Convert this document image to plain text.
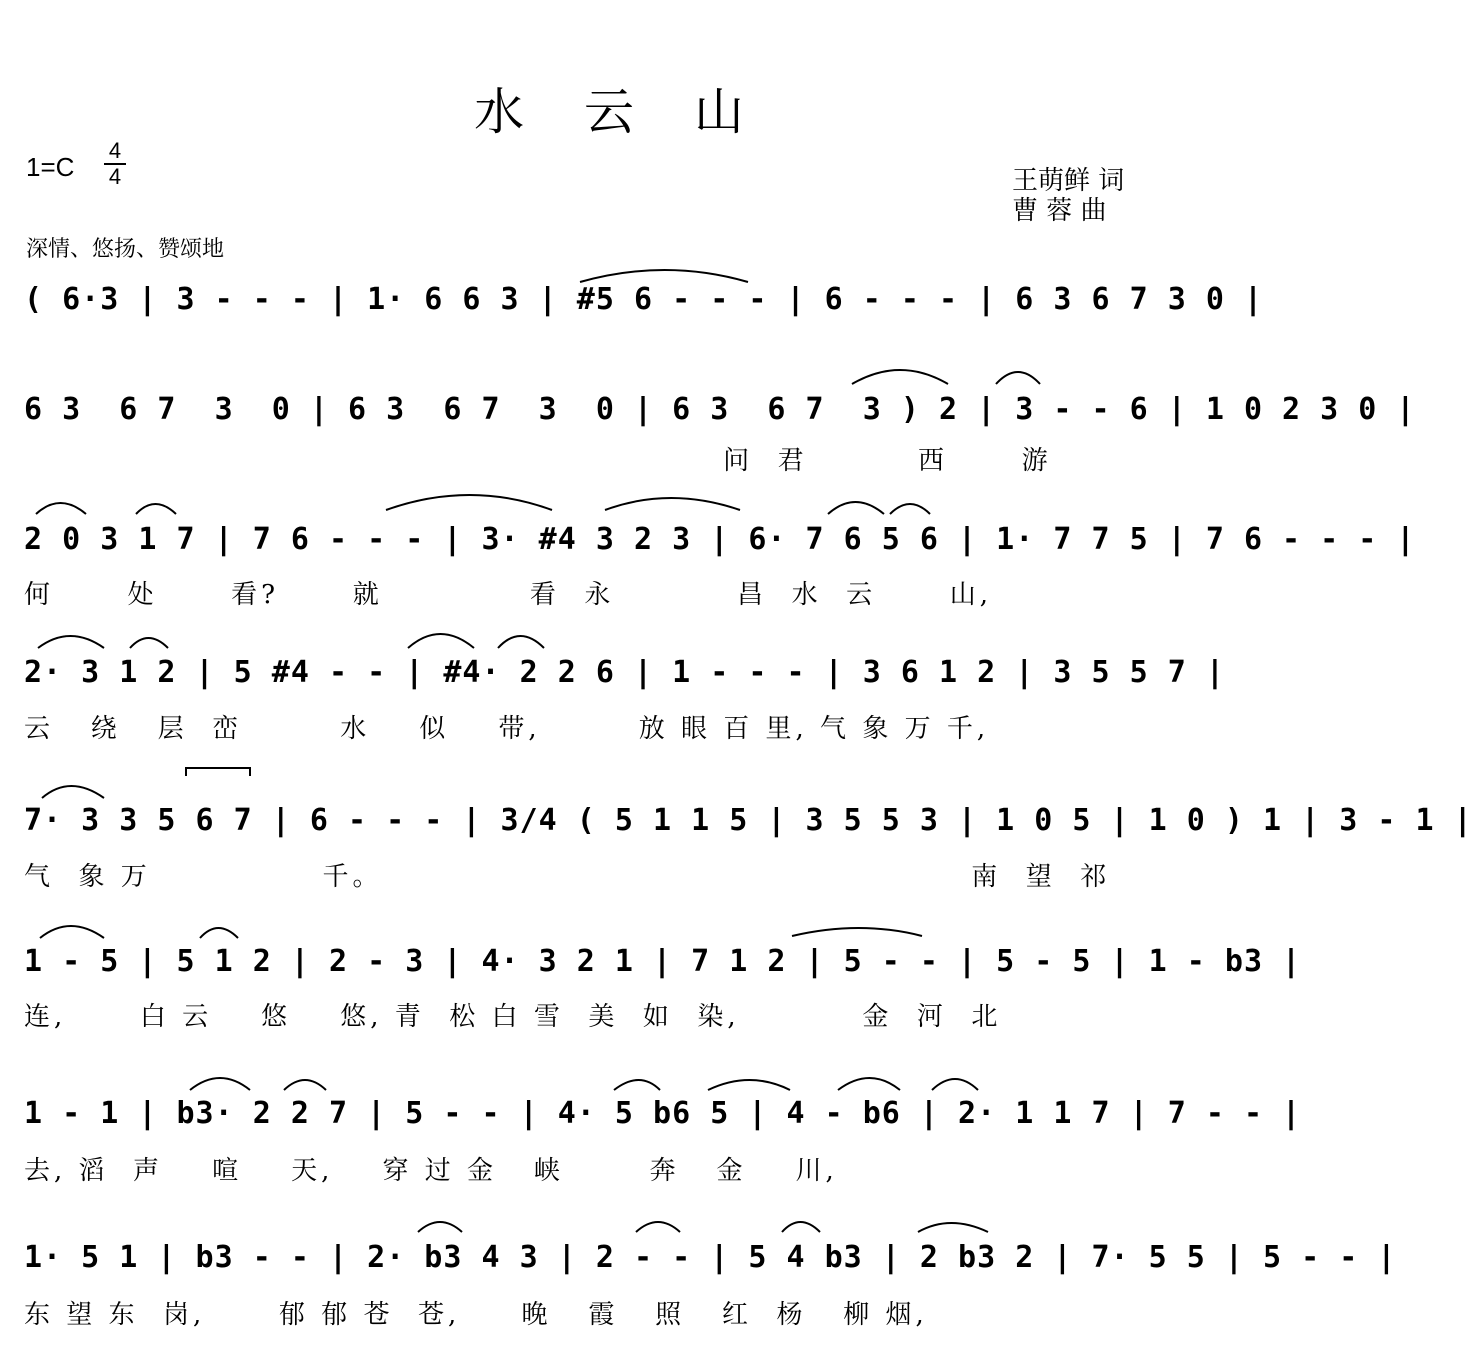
水 云 山
1=C
4
4	王萌鲜 词
曹 蓉 曲
深情、悠扬、赞颂地
( 6·3 | 3 - - - | 1· 6 6 3 | #5 6 - - - | 6 - - - | 6 3 6 7 3 0 |
6 3  6 7  3  0 | 6 3  6 7  3  0 | 6 3  6 7  3 ) 2 | 3 - - 6 | 1 0 2 3 0 |
问  君         西      游
2 0 3 1 7 | 7 6 - - - | 3· #4 3 2 3 | 6· 7 6 5 6 | 1· 7 7 5 | 7 6 - - - |
何      处      看?      就            看  永          昌  水  云      山,
2· 3 1 2 | 5 #4 - - | #4· 2 2 6 | 1 - - - | 3 6 1 2 | 3 5 5 7 |
云   绕   层  峦        水    似    带,        放 眼 百 里, 气 象 万 千,
7· 3 3 5 6 7 | 6 - - - | 3/4 ( 5 1 1 5 | 3 5 5 3 | 1 0 5 | 1 0 ) 1 | 3 - 1 |
气  象 万              千。                                                南  望  祁
1 - 5 | 5 1 2 | 2 - 3 | 4· 3 2 1 | 7 1 2 | 5 - - | 5 - 5 | 1 - b3 |
连,      白 云    悠    悠, 青  松 白 雪  美  如  染,          金  河  北
1 - 1 | b3· 2 2 7 | 5 - - | 4· 5 b6 5 | 4 - b6 | 2· 1 1 7 | 7 - - |
去, 滔  声    喧    天,    穿 过 金   峡       奔   金    川,
1· 5 1 | b3 - - | 2· b3 4 3 | 2 - - | 5 4 b3 | 2 b3 2 | 7· 5 5 | 5 - - |
东 望 东  岗,      郁 郁 苍  苍,     晚   霞   照   红  杨   柳 烟,
